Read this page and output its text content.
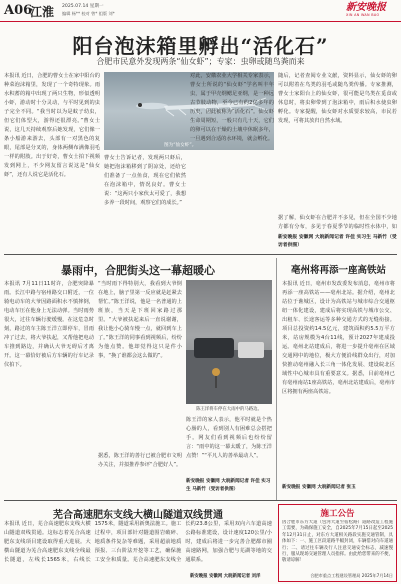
A06
江淮 2025.07.14 星期一
编辑 杨** 校对 曾* 组版 刘*
新安晚报
XIN AN WAN BAO
阳台泡沫箱里孵出“活化石”
合肥市民意外发现两条“仙女虾”；专家：虫卵或随鸟粪而来
本报讯 近日，合肥的曹女士在家中阳台的种菜泡沫箱里，发现了一个奇特现象。雨水积蓄的箱中出现了两只生物，形似透明小虾，游动时十分灵动，与平时见到的虫子完全不同。“我当时以为是蚊子幼虫，但它们体型大，游得还很漂亮。”曹女士说，这几天持续观察后她发现，它们像一条小船游来游去，头部有一对黑色的复眼，尾部是分叉的，身体两侧布满像羽毛一样的附肢。出于好奇，曹女士拍下视频发到网上，不少网友留言说这是“仙女虾”，还有人说它是活化石。
图为“仙女虾”。
曹女士告诉记者，发现两只虾后，她把泡沫箱移到了阴凉处，还给它们准备了一点鱼食，现在它们依然在泡沫箱中，情况良好。曹女士说：“这两只小家伙太可爱了，我想多养一段时间，观察它们的成长。”
对此，安徽农业大学相关专家表示，曹女士所说的“仙女虾”学名叫丰年虫，属于甲壳纲鳃足亚纲，是一种远古节肢动物，至今已有约2亿多年的历史，因此被称为“活化石”。仙女虾生命周期短，一般只有几十天，它们的卵可以在干燥的土壤中休眠多年，一旦遇到合适的水环境，就会孵化。
随后，记者查阅专业文献，资料显示，仙女虾的卵可以附着在鸟类的羽毛或随鸟粪传播。专家推测，曹女士家阳台上的仙女虾，很可能是鸟类在觅食或休息时，将虫卵带到了泡沫箱中，雨后积水使虫卵孵化。专家提醒，仙女虾对水质要求较高，市民若发现，可将其放归自然水域。
据了解，仙女虾在合肥并不多见，但在全国不少地方都有分布，多见于春夏季节的临时性水体中，如
新安晚报 安徽网 大皖新闻记者 许佳 实习生 马新竹（受访者供图）
暴雨中，合肥街头这一幕超暖心
本报讯 7月11日11时许，合肥突降暴雨。长江中路与宿州路交口附近，一位骑电动车的大爷因路面积水不慎摔倒，电动车压在他身上无法动弹。当时雨势很大，过往车辆行驶缓慢。在这危急时刻，路过的车主陈王洋立即停车，冒雨冲了过去，将大爷扶起，又帮他把电动车推到路边，并确认大爷无碍后才离开。这一幕恰好被后方车辆的行车记录仪拍下。
“当时雨下得特别大，我看到大爷倒在地上，脑子里第一反应就是赶紧去帮忙。”陈王洋说，他是一名普通的上班族，当天是下班回家路过那里。“大爷被扶起来后一直说谢谢，我让他小心骑车慢一点，就回到车上了。”陈王洋的同事看到视频后，纷纷为他点赞。他却觉得这只是件小事，“换了谁都会这么做的”。
陈王洋将车停在大雨中的马路边。
陈王洋的家人表示，他平时就是个热心肠的人，看到别人有困难总会搭把手。网友们看到视频后也纷纷留言：“雨中的这一幕太暖了，为陈王洋点赞！”“平凡人的善举最动人”。
据悉，陈王洋的善行已被合肥市文明办关注，并拟推荐参评“合肥好人”。
新安晚报 安徽网 大皖新闻记者 许佳 实习生 马新竹（受访者供图）
亳州将再添一座高铁站
本报讯 近日，亳州市发改委发布消息，亳州市将再添一座高铁站——亳州北站。据介绍，亳州北站位于谯城区，设计为高铁站与城市综合交通枢纽一体化建设，建成后将实现高铁与城市公交、出租车、长途客运等多种交通方式的无缝衔接。项目总投资约14.5亿元，建筑面积约5.5万平方米，站房规模为4台11线，预计2027年建成投运。亳州北站建成后，将进一步提升亳州在区域交通网中的地位，极大方便沿线群众出行，对加快推动亳州融入长三角一体化发展、建设皖北区域性中心城市具有重要意义。据悉，目前亳州已有亳州南站1座高铁站，亳州北站建成后，亳州市区将拥有两座高铁站。
新安晚报 安徽网 大皖新闻记者 张玉
芜合高速肥东支线大横山隧道双线贯通
本报讯 近日，芜合高速肥东支线大横山隧道双线贯通。这标志着芜合高速肥东支线项目建设取得重大进展。大横山隧道为芜合高速肥东支线全线最长隧道，左线长1565米，右线长1575米，隧道采用新奥法施工。施工过程中，项目部针对隧道围岩破碎、地质条件复杂等难题，采用超前地质预报、三台阶法开挖等工艺，确保施工安全和质量。芜合高速肥东支线全长约23.8公里，采用双向六车道高速公路标准建设，设计速度120公里/小时，建成后将进一步完善合肥都市圈高速路网，加强合肥与芜湖等地的交通联系。
新安晚报 安徽网 大皖新闻记者 刘洋
施工公告
因合肥市东方大道（包河大道至宿松路）道路改造工程施工需要，为确保施工安全，自2025年7月15日起至2025年12月31日止，对东方大道相关路段实施交通管制，具体如下：一、施工区段道路半幅封闭，车辆借对向车道通行；二、请过往车辆及行人注意交通安全标志，减速慢行，服从现场交通管理人员指挥。由此给您带来的不便，敬请谅解！
合肥市重点工程建设管理局 2025年7月14日
